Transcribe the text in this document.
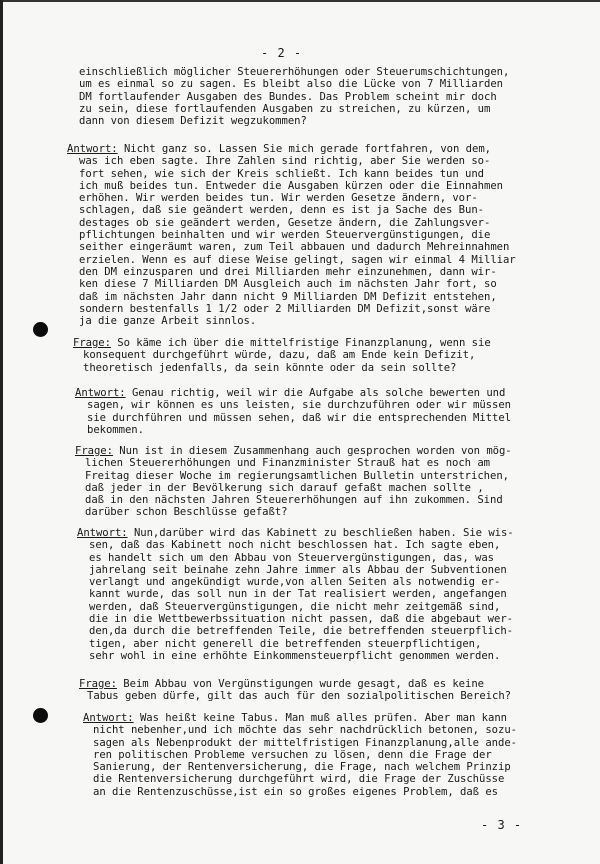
- 2 -
einschließlich möglicher Steuererhöhungen oder Steuerumschichtungen,
um es einmal so zu sagen. Es bleibt also die Lücke von 7 Milliarden
DM fortlaufender Ausgaben des Bundes. Das Problem scheint mir doch
zu sein, diese fortlaufenden Ausgaben zu streichen, zu kürzen, um
dann von diesem Defizit wegzukommen?
Antwort: Nicht ganz so. Lassen Sie mich gerade fortfahren, von dem,
was ich eben sagte. Ihre Zahlen sind richtig, aber Sie werden so-
fort sehen, wie sich der Kreis schließt. Ich kann beides tun und
ich muß beides tun. Entweder die Ausgaben kürzen oder die Einnahmen
erhöhen. Wir werden beides tun. Wir werden Gesetze ändern, vor-
schlagen, daß sie geändert werden, denn es ist ja Sache des Bun-
destages ob sie geändert werden, Gesetze ändern, die Zahlungsver-
pflichtungen beinhalten und wir werden Steuervergünstigungen, die
seither eingeräumt waren, zum Teil abbauen und dadurch Mehreinnahmen
erzielen. Wenn es auf diese Weise gelingt, sagen wir einmal 4 Milliar
den DM einzusparen und drei Milliarden mehr einzunehmen, dann wir-
ken diese 7 Milliarden DM Ausgleich auch im nächsten Jahr fort, so
daß im nächsten Jahr dann nicht 9 Milliarden DM Defizit entstehen,
sondern bestenfalls 1 1/2 oder 2 Milliarden DM Defizit,sonst wäre
ja die ganze Arbeit sinnlos.
Frage: So käme ich über die mittelfristige Finanzplanung, wenn sie
konsequent durchgeführt würde, dazu, daß am Ende kein Defizit,
theoretisch jedenfalls, da sein könnte oder da sein sollte?
Antwort: Genau richtig, weil wir die Aufgabe als solche bewerten und
sagen, wir können es uns leisten, sie durchzuführen oder wir müssen
sie durchführen und müssen sehen, daß wir die entsprechenden Mittel
bekommen.
Frage: Nun ist in diesem Zusammenhang auch gesprochen worden von mög-
lichen Steuererhöhungen und Finanzminister Strauß hat es noch am
Freitag dieser Woche im regierungsamtlichen Bulletin unterstrichen,
daß jeder in der Bevölkerung sich darauf gefaßt machen sollte ,
daß in den nächsten Jahren Steuererhöhungen auf ihn zukommen. Sind
darüber schon Beschlüsse gefaßt?
Antwort: Nun,darüber wird das Kabinett zu beschließen haben. Sie wis-
sen, daß das Kabinett noch nicht beschlossen hat. Ich sagte eben,
es handelt sich um den Abbau von Steuervergünstigungen, das, was
jahrelang seit beinahe zehn Jahre immer als Abbau der Subventionen
verlangt und angekündigt wurde,von allen Seiten als notwendig er-
kannt wurde, das soll nun in der Tat realisiert werden, angefangen
werden, daß Steuervergünstigungen, die nicht mehr zeitgemäß sind,
die in die Wettbewerbssituation nicht passen, daß die abgebaut wer-
den,da durch die betreffenden Teile, die betreffenden steuerpflich-
tigen, aber nicht generell die betreffenden steuerpflichtigen,
sehr wohl in eine erhöhte Einkommensteuerpflicht genommen werden.
Frage: Beim Abbau von Vergünstigungen wurde gesagt, daß es keine
Tabus geben dürfe, gilt das auch für den sozialpolitischen Bereich?
Antwort: Was heißt keine Tabus. Man muß alles prüfen. Aber man kann
nicht nebenher,und ich möchte das sehr nachdrücklich betonen, sozu-
sagen als Nebenprodukt der mittelfristigen Finanzplanung,alle ande-
ren politischen Probleme versuchen zu lösen, denn die Frage der
Sanierung, der Rentenversicherung, die Frage, nach welchem Prinzip
die Rentenversicherung durchgeführt wird, die Frage der Zuschüsse
an die Rentenzuschüsse,ist ein so großes eigenes Problem, daß es
- 3 -
